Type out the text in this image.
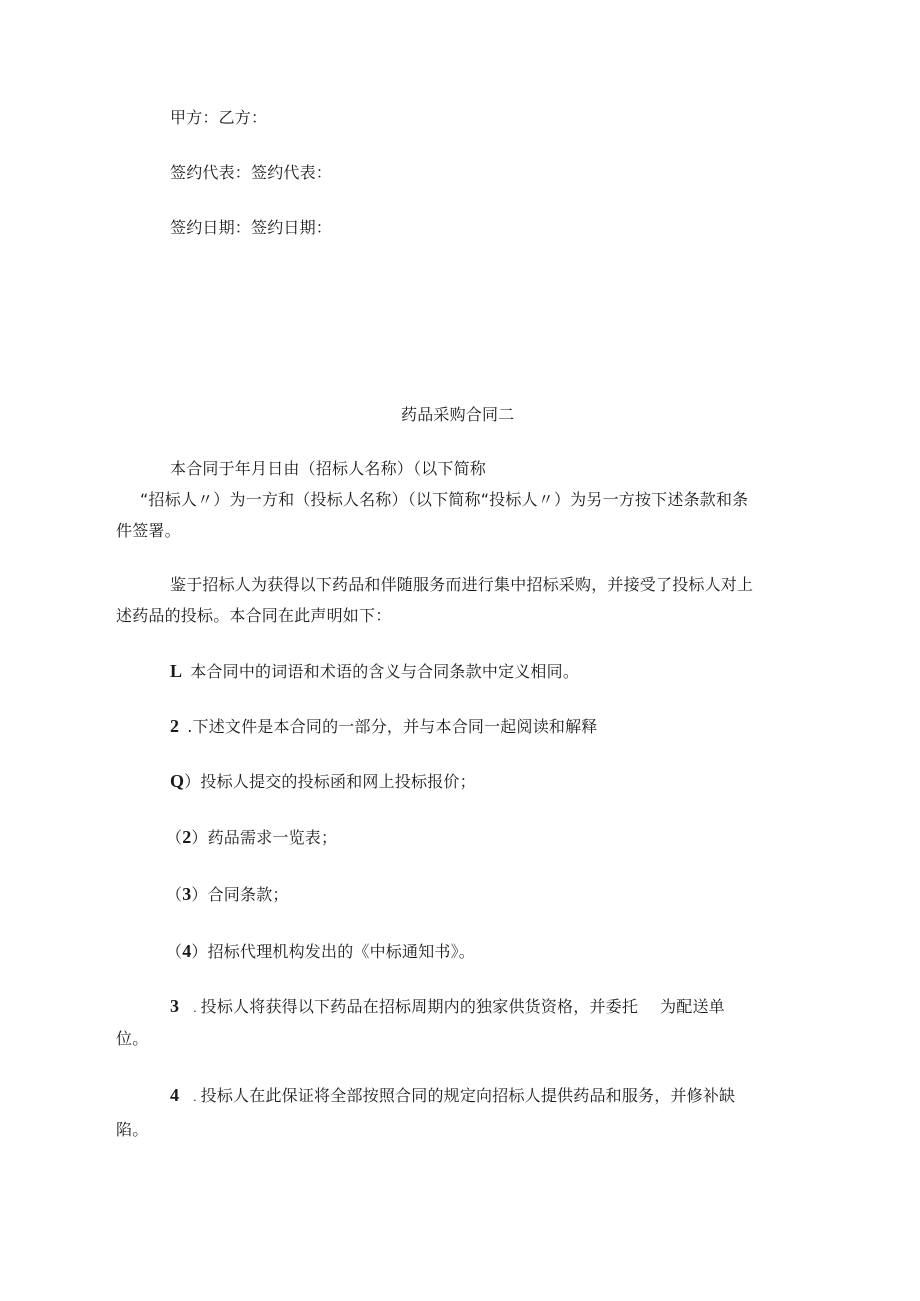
甲方：乙方：
签约代表：签约代表：
签约日期：签约日期：
药品采购合同二
本合同于年月日由（招标人名称）（以下简称
“招标人〃）为一方和（投标人名称）（以下简称“投标人〃）为另一方按下述条款和条
件签署。
鉴于招标人为获得以下药品和伴随服务而进行集中招标采购，并接受了投标人对上
述药品的投标。本合同在此声明如下：
L 本合同中的词语和术语的含义与合同条款中定义相同。
2 .下述文件是本合同的一部分，并与本合同一起阅读和解释
Q）投标人提交的投标函和网上投标报价；
（2）药品需求一览表；
（3）合同条款；
（4）招标代理机构发出的《中标通知书》。
3 . 投标人将获得以下药品在招标周期内的独家供货资格，并委托 为配送单
位。
4 . 投标人在此保证将全部按照合同的规定向招标人提供药品和服务，并修补缺
陷。
